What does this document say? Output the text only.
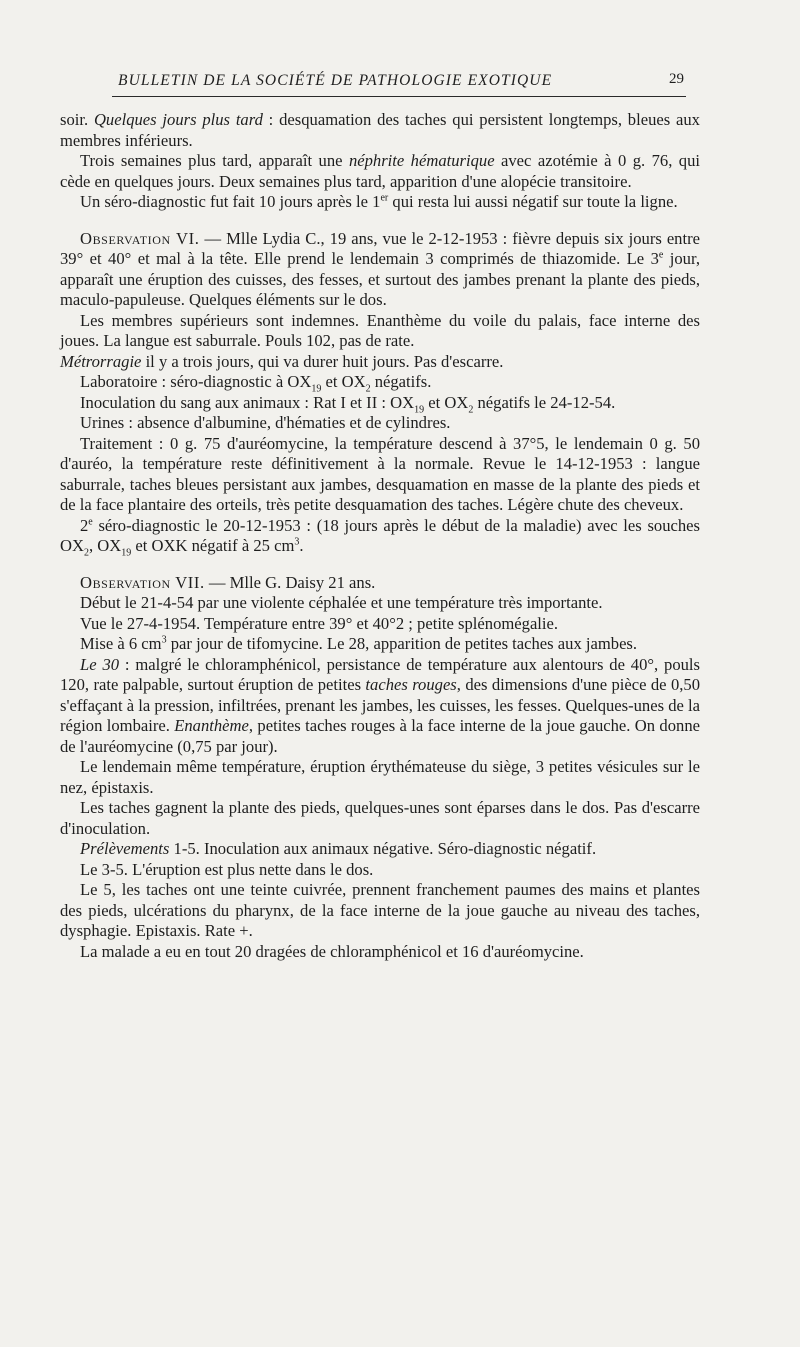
BULLETIN DE LA SOCIÉTÉ DE PATHOLOGIE EXOTIQUE	29

soir. Quelques jours plus tard : desquamation des taches qui persistent longtemps, bleues aux membres inférieurs.

Trois semaines plus tard, apparaît une néphrite hématurique avec azotémie à 0 g. 76, qui cède en quelques jours. Deux semaines plus tard, apparition d'une alopécie transitoire.

Un séro-diagnostic fut fait 10 jours après le 1er qui resta lui aussi négatif sur toute la ligne.

Observation VI. — Mlle Lydia C., 19 ans, vue le 2-12-1953 : fièvre depuis six jours entre 39° et 40° et mal à la tête. Elle prend le lendemain 3 comprimés de thiazomide. Le 3e jour, apparaît une éruption des cuisses, des fesses, et surtout des jambes prenant la plante des pieds, maculo-papuleuse. Quelques éléments sur le dos.

Les membres supérieurs sont indemnes. Enanthème du voile du palais, face interne des joues. La langue est saburrale. Pouls 102, pas de rate.

Métrorragie il y a trois jours, qui va durer huit jours. Pas d'escarre.

Laboratoire : séro-diagnostic à $OX_{19}$ et $OX_2$ négatifs.

Inoculation du sang aux animaux : Rat I et II : $OX_{19}$ et $OX_2$ négatifs le 24-12-54.

Urines : absence d'albumine, d'hématies et de cylindres.

Traitement : 0 g. 75 d'auréomycine, la température descend à 37°5, le lendemain 0 g. 50 d'auréo, la température reste définitivement à la normale. Revue le 14-12-1953 : langue saburrale, taches bleues persistant aux jambes, desquamation en masse de la plante des pieds et de la face plantaire des orteils, très petite desquamation des taches. Légère chute des cheveux.

2e séro-diagnostic le 20-12-1953 : (18 jours après le début de la maladie) avec les souches $OX_2$, $OX_{19}$ et OXK négatif à 25 $cm^3$.

Observation VII. — Mlle G. Daisy 21 ans.

Début le 21-4-54 par une violente céphalée et une température très importante.

Vue le 27-4-1954. Température entre 39° et 40°2 ; petite splénomégalie.

Mise à 6 $cm^3$ par jour de tifomycine. Le 28, apparition de petites taches aux jambes.

Le 30 : malgré le chloramphénicol, persistance de température aux alentours de 40°, pouls 120, rate palpable, surtout éruption de petites taches rouges, des dimensions d'une pièce de 0,50 s'effaçant à la pression, infiltrées, prenant les jambes, les cuisses, les fesses. Quelques-unes de la région lombaire. Enanthème, petites taches rouges à la face interne de la joue gauche. On donne de l'auréomycine (0,75 par jour).

Le lendemain même température, éruption érythémateuse du siège, 3 petites vésicules sur le nez, épistaxis.

Les taches gagnent la plante des pieds, quelques-unes sont éparses dans le dos. Pas d'escarre d'inoculation.

Prélèvements 1-5. Inoculation aux animaux négative. Séro-diagnostic négatif.

Le 3-5. L'éruption est plus nette dans le dos.

Le 5, les taches ont une teinte cuivrée, prennent franchement paumes des mains et plantes des pieds, ulcérations du pharynx, de la face interne de la joue gauche au niveau des taches, dysphagie. Epistaxis. Rate +.

La malade a eu en tout 20 dragées de chloramphénicol et 16 d'auréomycine.
